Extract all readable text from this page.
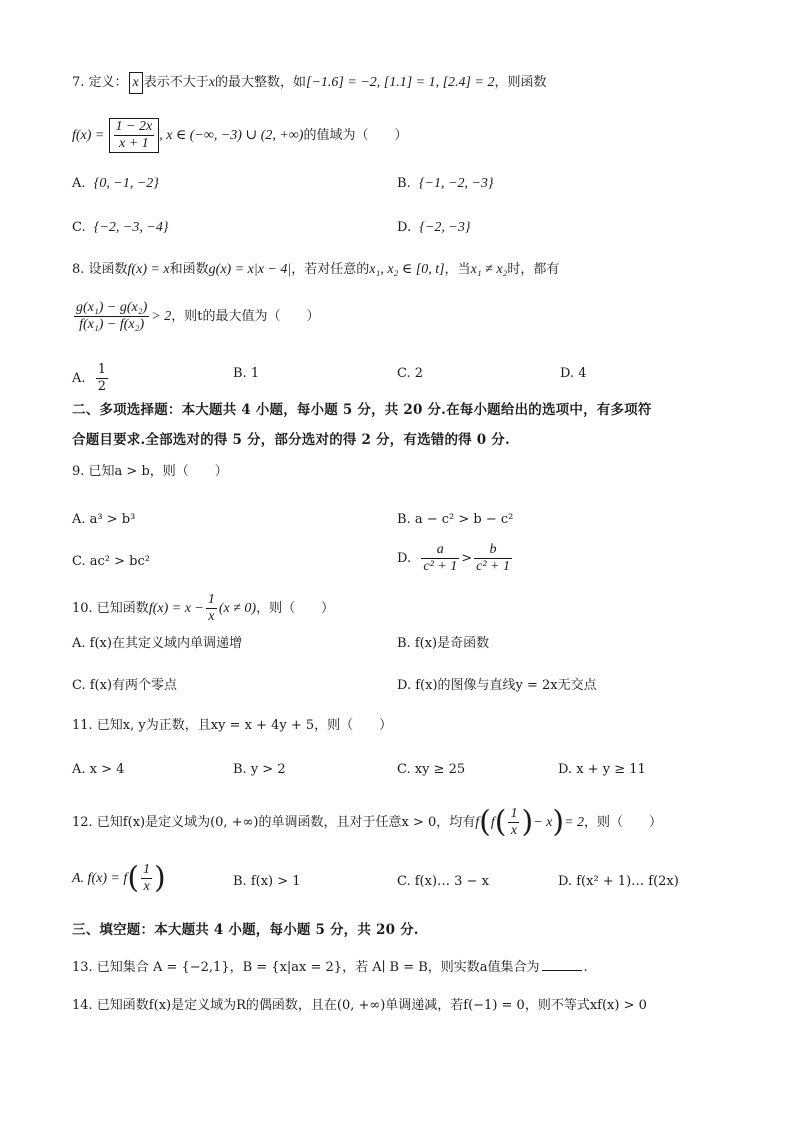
7. 定义： x 表示不大于x的最大整数，如[−1.6] = −2, [1.1] = 1, [2.4] = 2，则函数
$f(x) = \frac{1 - 2x}{x + 1}$ , x ∈ (−∞, −3) ∪ (2, +∞)的值域为（　　）
A. {0, −1, −2}	B. {−1, −2, −3}
C. {−2, −3, −4}	D. {−2, −3}
8. 设函数f(x) = x和函数g(x) = x|x − 4|，若对任意的x₁, x₂ ∈ [0, t]，当x₁ ≠ x₂时，都有
$\frac{\text{g(x₁) − g(x₂)}}{\text{f(x₁) − f(x₂)}} > 2$，则t的最大值为（　　）
A. $\frac{1}{2}$	B. 1	C. 2	D. 4
二、多项选择题：本大题共 4 小题，每小题 5 分，共 20 分.在每小题给出的选项中，有多项符
合题目要求.全部选对的得 5 分，部分选对的得 2 分，有选错的得 0 分.
9. 已知a > b，则（　　）
A. a³ > b³	B. a − c² > b − c²
C. ac² > bc²	D. $\frac{a}{\text{c² + 1}} > \frac{b}{\text{c² + 1}}$
10. 已知函数$f(x) = x - \frac{1}{x} (x \ne 0)$，则（　　）
A. f(x)在其定义域内单调递增	B. f(x)是奇函数
C. f(x)有两个零点	D. f(x)的图像与直线y = 2x无交点
11. 已知x, y为正数，且xy = x + 4y + 5，则（　　）
A. x > 4	B. y > 2	C. xy ≥ 25	D. x + y ≥ 11
12. 已知f(x)是定义域为(0, +∞)的单调函数，且对于任意x > 0，均有$f(f( \frac{1}{x}$ )− x)= 2，则（　　）
A. $f(x) = f( \frac{1}{x}$ )	B. f(x) > 1	C. f(x)… 3 − x	D. f(x² + 1)… f(2x)
三、填空题：本大题共 4 小题，每小题 5 分，共 20 分.
13. 已知集合 A = {−2,1}，B = {x|ax = 2}，若 A∣ B = B，则实数a值集合为	.
14. 已知函数f(x)是定义域为R的偶函数，且在(0, +∞)单调递减，若f(−1) = 0，则不等式xf(x) > 0
